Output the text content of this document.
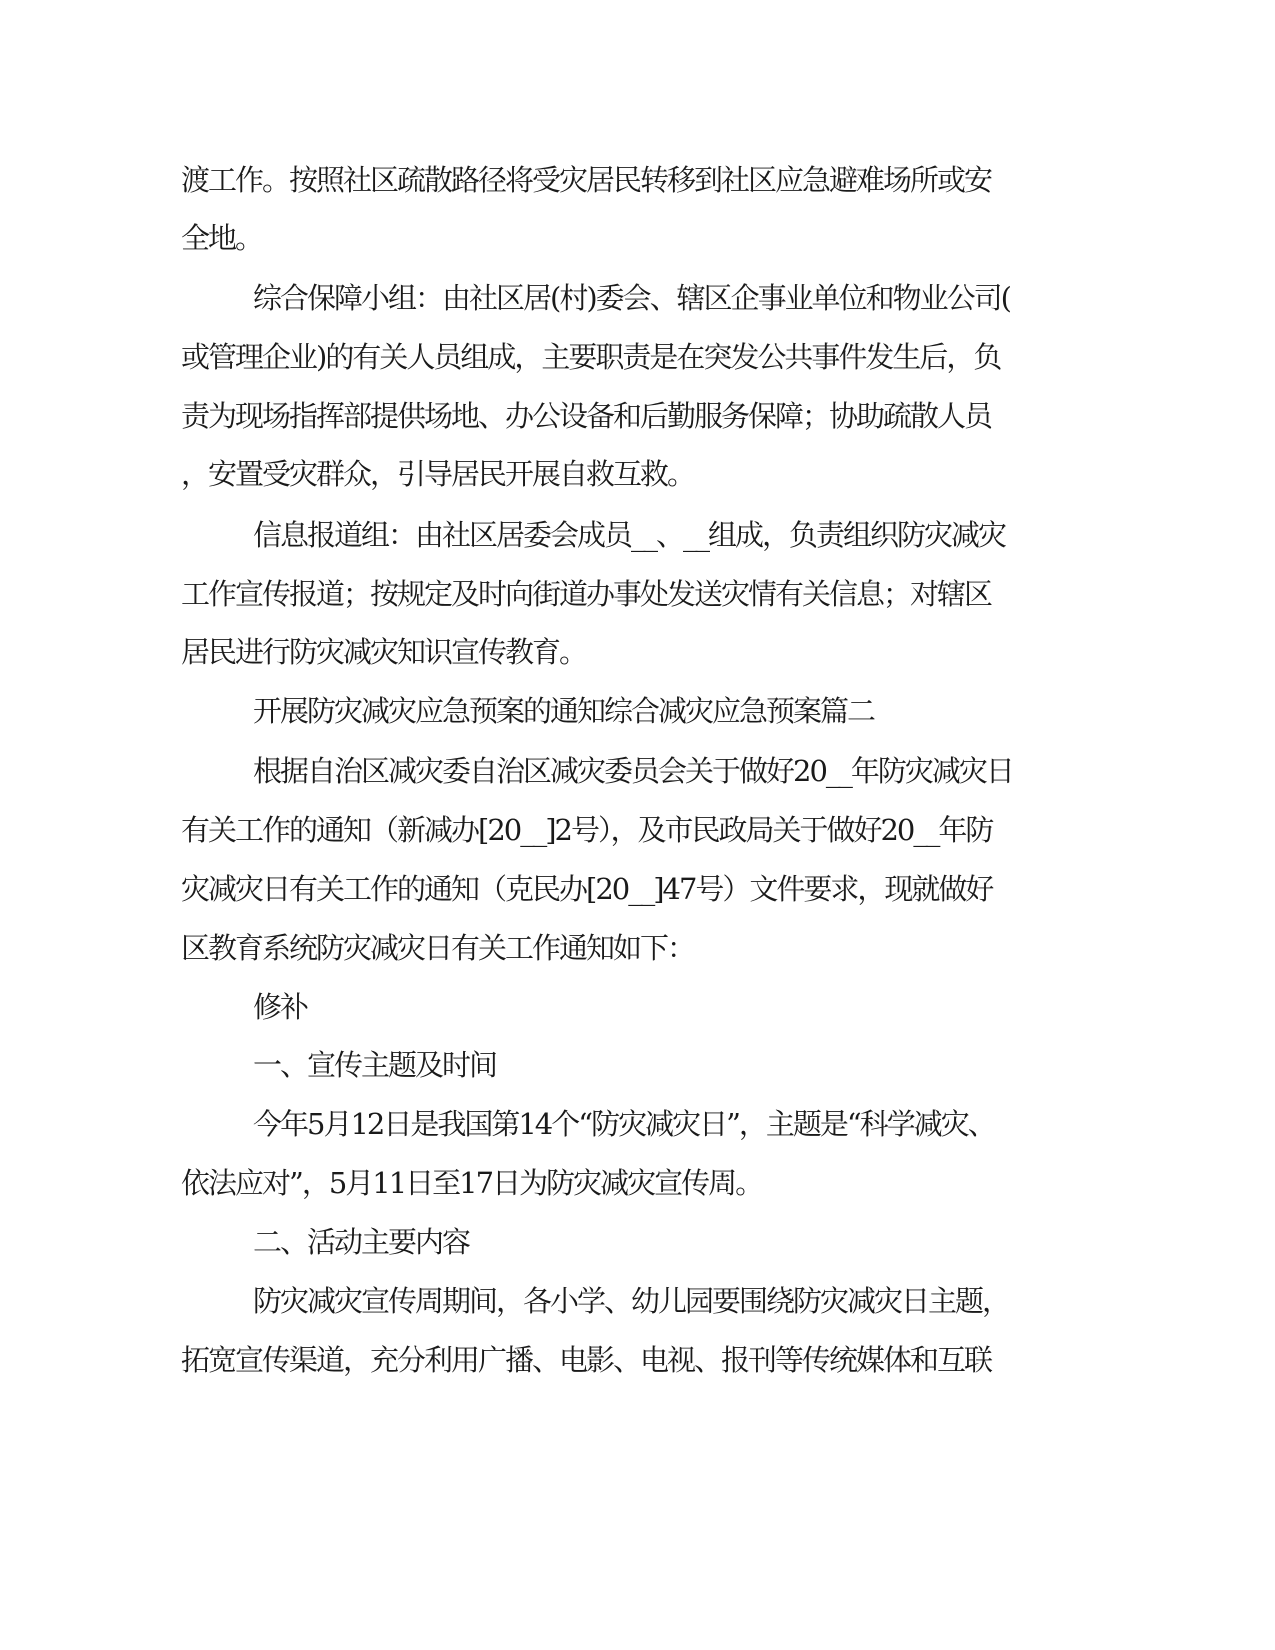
渡工作。按照社区疏散路径将受灾居民转移到社区应急避难场所或安
全地。
综合保障小组：由社区居(村)委会、辖区企事业单位和物业公司(
或管理企业)的有关人员组成，主要职责是在突发公共事件发生后，负
责为现场指挥部提供场地、办公设备和后勤服务保障；协助疏散人员
，安置受灾群众，引导居民开展自救互救。
信息报道组：由社区居委会成员__、__组成，负责组织防灾减灾
工作宣传报道；按规定及时向街道办事处发送灾情有关信息；对辖区
居民进行防灾减灾知识宣传教育。
开展防灾减灾应急预案的通知综合减灾应急预案篇二
根据自治区减灾委自治区减灾委员会关于做好20__年防灾减灾日
有关工作的通知（新减办[20__]2号），及市民政局关于做好20__年防
灾减灾日有关工作的通知（克民办[20__]47号）文件要求，现就做好
区教育系统防灾减灾日有关工作通知如下：
修补
一、宣传主题及时间
今年5月12日是我国第14个“防灾减灾日”，主题是“科学减灾、
依法应对”，5月11日至17日为防灾减灾宣传周。
二、活动主要内容
防灾减灾宣传周期间，各小学、幼儿园要围绕防灾减灾日主题，
拓宽宣传渠道，充分利用广播、电影、电视、报刊等传统媒体和互联
